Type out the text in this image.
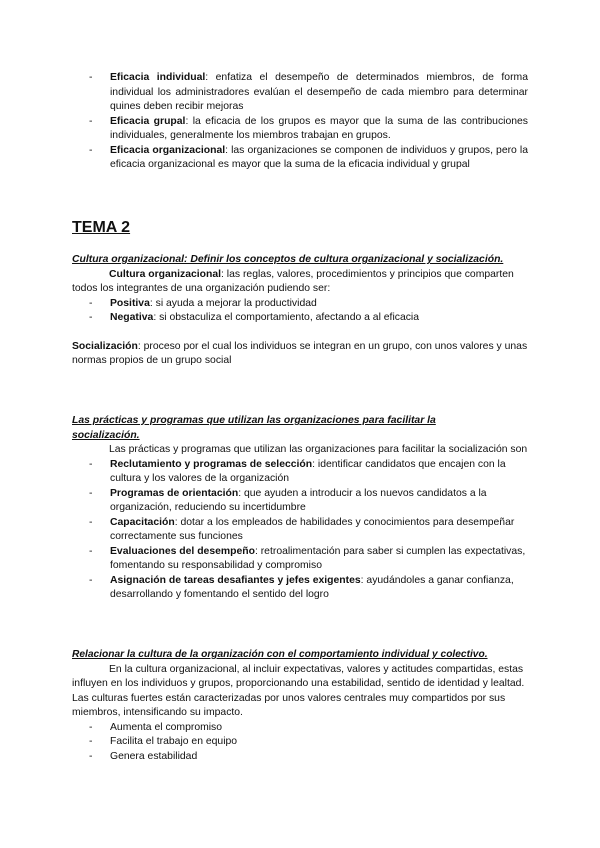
- Eficacia individual: enfatiza el desempeño de determinados miembros, de forma individual los administradores evalúan el desempeño de cada miembro para determinar quines deben recibir mejoras
- Eficacia grupal: la eficacia de los grupos es mayor que la suma de las contribuciones individuales, generalmente los miembros trabajan en grupos.
- Eficacia organizacional: las organizaciones se componen de individuos y grupos, pero la eficacia organizacional es mayor que la suma de la eficacia individual y grupal
TEMA 2
Cultura organizacional: Definir los conceptos de cultura organizacional y socialización.
Cultura organizacional: las reglas, valores, procedimientos y principios que comparten todos los integrantes de una organización pudiendo ser:
- Positiva: si ayuda a mejorar la productividad
- Negativa: si obstaculiza el comportamiento, afectando a al eficacia
Socialización: proceso por el cual los individuos se integran en un grupo, con unos valores y unas normas propios de un grupo social
Las prácticas y programas que utilizan las organizaciones para facilitar la socialización.
Las prácticas y programas que utilizan las organizaciones para facilitar la socialización son
- Reclutamiento y programas de selección: identificar candidatos que encajen con la cultura y los valores de la organización
- Programas de orientación: que ayuden a introducir a los nuevos candidatos a la organización, reduciendo su incertidumbre
- Capacitación: dotar a los empleados de habilidades y conocimientos para desempeñar correctamente sus funciones
- Evaluaciones del desempeño: retroalimentación para saber si cumplen las expectativas, fomentando su responsabilidad y compromiso
- Asignación de tareas desafiantes y jefes exigentes: ayudándoles a ganar confianza, desarrollando y fomentando el sentido del logro
Relacionar la cultura de la organización con el comportamiento individual y colectivo.
En la cultura organizacional, al incluir expectativas, valores y actitudes compartidas, estas influyen en los individuos y grupos, proporcionando una estabilidad, sentido de identidad y lealtad. Las culturas fuertes están caracterizadas por unos valores centrales muy compartidos por sus miembros, intensificando su impacto.
- Aumenta el compromiso
- Facilita el trabajo en equipo
- Genera estabilidad
